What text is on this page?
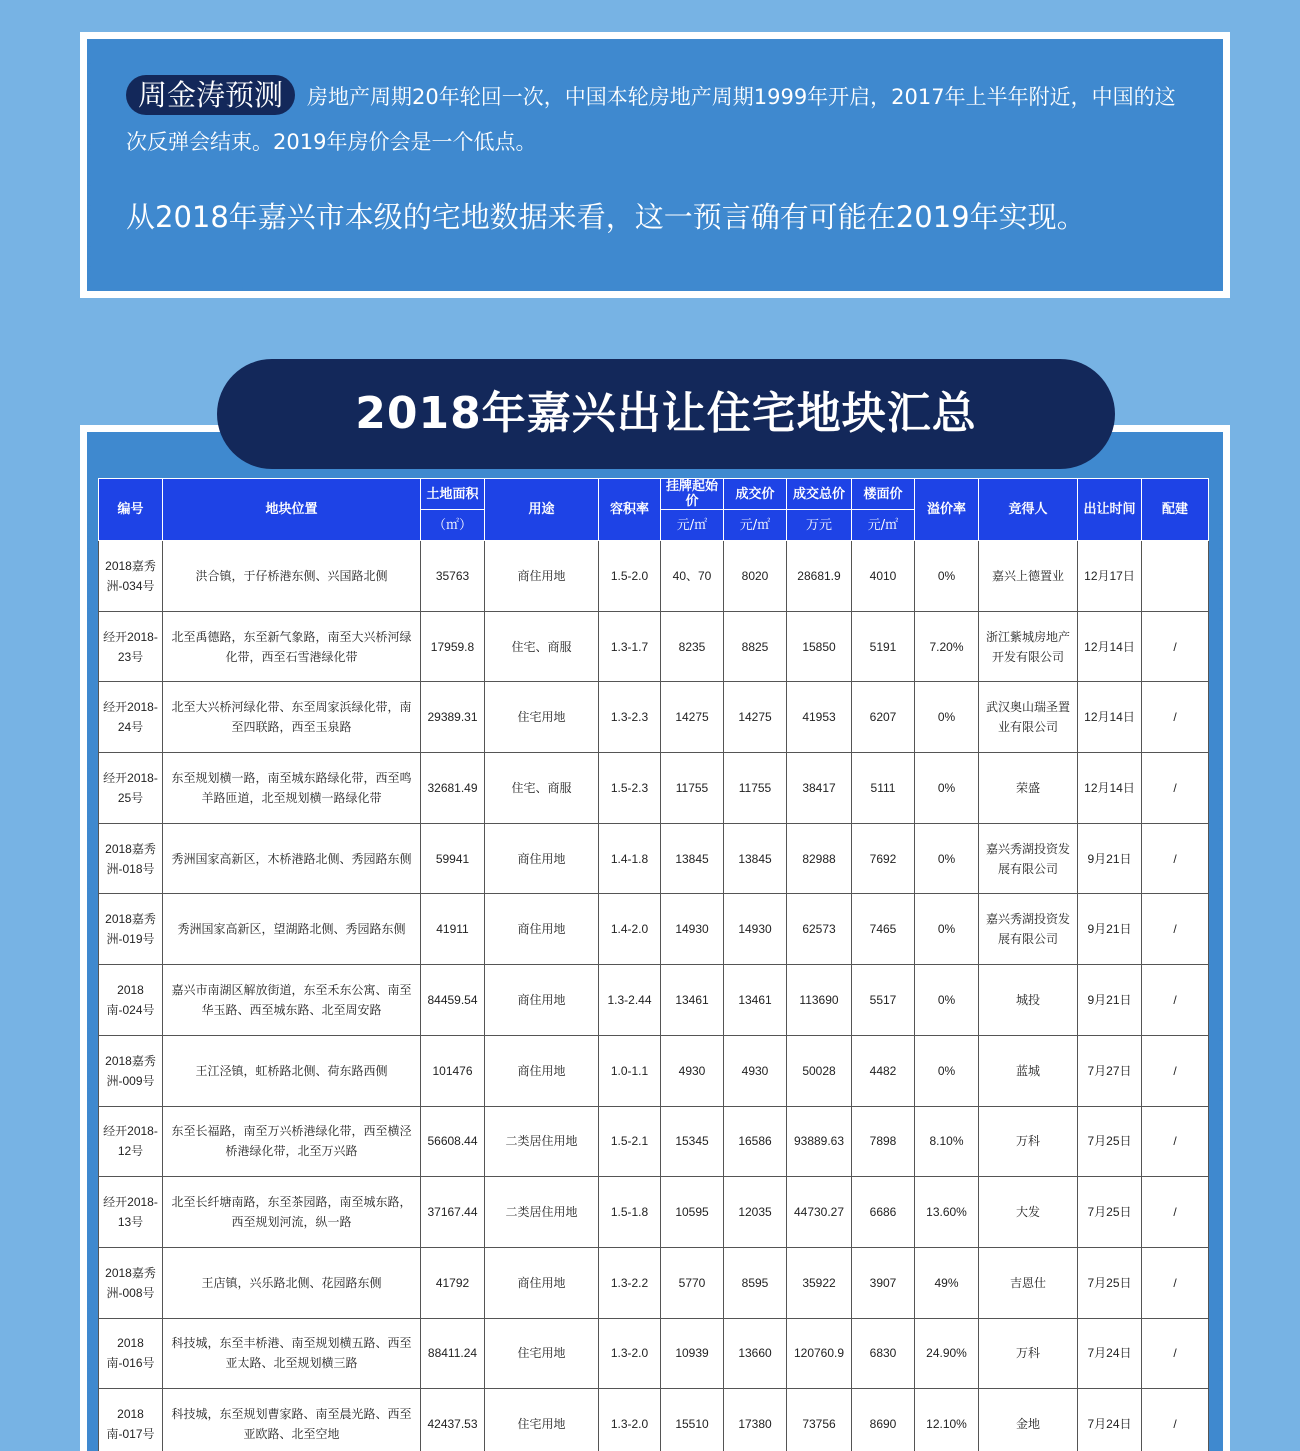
周金涛预测 房地产周期20年轮回一次，中国本轮房地产周期1999年开启，2017年上半年附近，中国的这次反弹会结束。2019年房价会是一个低点。
从2018年嘉兴市本级的宅地数据来看，这一预言确有可能在2019年实现。
2018年嘉兴出让住宅地块汇总
编号	地块位置	土地面积	用途	容积率	挂牌起始价	成交价	成交总价	楼面价	溢价率	竞得人	出让时间	配建
		（㎡）			元/㎡	元/㎡	万元	元/㎡				
2018嘉秀洲-034号	洪合镇，于仔桥港东侧、兴国路北侧	35763	商住用地	1.5-2.0	40、70	8020	28681.9	4010	0%	嘉兴上德置业	12月17日	
经开2018-23号	北至禹德路，东至新气象路，南至大兴桥河绿化带，西至石雪港绿化带	17959.8	住宅、商服	1.3-1.7	8235	8825	15850	5191	7.20%	浙江紫城房地产开发有限公司	12月14日	/
经开2018-24号	北至大兴桥河绿化带、东至周家浜绿化带，南至四联路，西至玉泉路	29389.31	住宅用地	1.3-2.3	14275	14275	41953	6207	0%	武汉奥山瑞圣置业有限公司	12月14日	/
经开2018-25号	东至规划横一路，南至城东路绿化带，西至鸣羊路匝道，北至规划横一路绿化带	32681.49	住宅、商服	1.5-2.3	11755	11755	38417	5111	0%	荣盛	12月14日	/
2018嘉秀洲-018号	秀洲国家高新区，木桥港路北侧、秀园路东侧	59941	商住用地	1.4-1.8	13845	13845	82988	7692	0%	嘉兴秀湖投资发展有限公司	9月21日	/
2018嘉秀洲-019号	秀洲国家高新区，望湖路北侧、秀园路东侧	41911	商住用地	1.4-2.0	14930	14930	62573	7465	0%	嘉兴秀湖投资发展有限公司	9月21日	/
2018南-024号	嘉兴市南湖区解放街道，东至禾东公寓、南至华玉路、西至城东路、北至周安路	84459.54	商住用地	1.3-2.44	13461	13461	113690	5517	0%	城投	9月21日	/
2018嘉秀洲-009号	王江泾镇，虹桥路北侧、荷东路西侧	101476	商住用地	1.0-1.1	4930	4930	50028	4482	0%	蓝城	7月27日	/
经开2018-12号	东至长福路，南至万兴桥港绿化带，西至横泾桥港绿化带，北至万兴路	56608.44	二类居住用地	1.5-2.1	15345	16586	93889.63	7898	8.10%	万科	7月25日	/
经开2018-13号	北至长纤塘南路，东至茶园路，南至城东路，西至规划河流，纵一路	37167.44	二类居住用地	1.5-1.8	10595	12035	44730.27	6686	13.60%	大发	7月25日	/
2018嘉秀洲-008号	王店镇，兴乐路北侧、花园路东侧	41792	商住用地	1.3-2.2	5770	8595	35922	3907	49%	吉恩仕	7月25日	/
2018南-016号	科技城，东至丰桥港、南至规划横五路、西至亚太路、北至规划横三路	88411.24	住宅用地	1.3-2.0	10939	13660	120760.9	6830	24.90%	万科	7月24日	/
2018南-017号	科技城，东至规划曹家路、南至晨光路、西至亚欧路、北至空地	42437.53	住宅用地	1.3-2.0	15510	17380	73756	8690	12.10%	金地	7月24日	/
